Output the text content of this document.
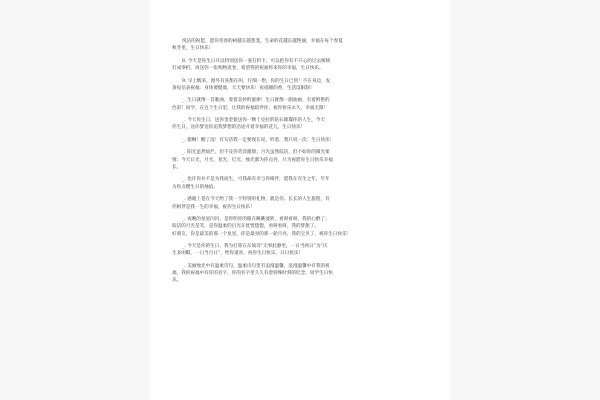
纯洁的祝愿，愿你青春的树越长越葱茏，生命的花越长越艳丽，幸福在每个春夏
秋冬里，生日快乐！

8. 今天是你生日开以特别送你一张打折卡，可以把你有不开心的过去统统
打成零折，再送你一张购物返卷，希望我的祝福将来你的幸福，生日快乐。

9. 早上醒来，窗外有喜鹊在叫，仔细一想，你的生日已到！不在身边，发
条短信表祝福：身体要健康，天天要快乐！夜夜睡的香，生活设限制！

_. 生日就像一首歌曲，奏着美妙的旋律！生日就像一副油画，有着鲜艳的
色彩！同学，在这个生日里，让我的祝福陪伴你，祝你快乐永久，幸福无限！

_. 今天你生日，送你金金银送你一颗十克拉的钻石璀璨你的人生，今天
你生日，送你梦送你追我梦想的沿途开着幸福的花儿，生日快乐！

_. 猪啊！醒了没！有句话我一定要现在说，听着，我只说一次：生日快乐！

_. 阳光虽然灿烂，但不及你笑容甜甜；月光虽然皎洁，但不如你的微光柔
情；今天日光，月光，星光，灯光，烛光都为你点亮，只为祝愿你生日快乐幸福
长。

_. 也许你并不是为我而生，可我却有幸与你相伴，愿我在有生之年，年年
为你点燃生日的烛焰。

_. 感谢上苍在今天给了我一个特别的礼物，就是你。长长的人生旅程，有
你相伴是我一生的幸福，祝你生日快乐！

_. 夜晚的星星闪闪，是你明亮的眼在眺眺流转，看呀看呀，我的心醉了；
皎洁的月光是笑，是你温柔的目光在恍恍惚惚，看呀看呀，我的梦甜了。
好朋友，你是最美的那一个星星，你是最亮的那一轮月亮，我的宝贝了，祝你生日快乐！

_. 今天是你的生日，我为打算在东坡诗“无事此静坐，一日当两日”为“庆
生多闲暇，一日当百日”，给你道喜，祝你生日快乐，日日快乐！

_. 美丽烛光中有温柔诗句，温柔诗句里有浪漫温馨，浪漫温馨中有我的祝
福，我的祝福中有你的名字，你的名字里久久有着特殊时刻的纪念，同学生日快
乐。
